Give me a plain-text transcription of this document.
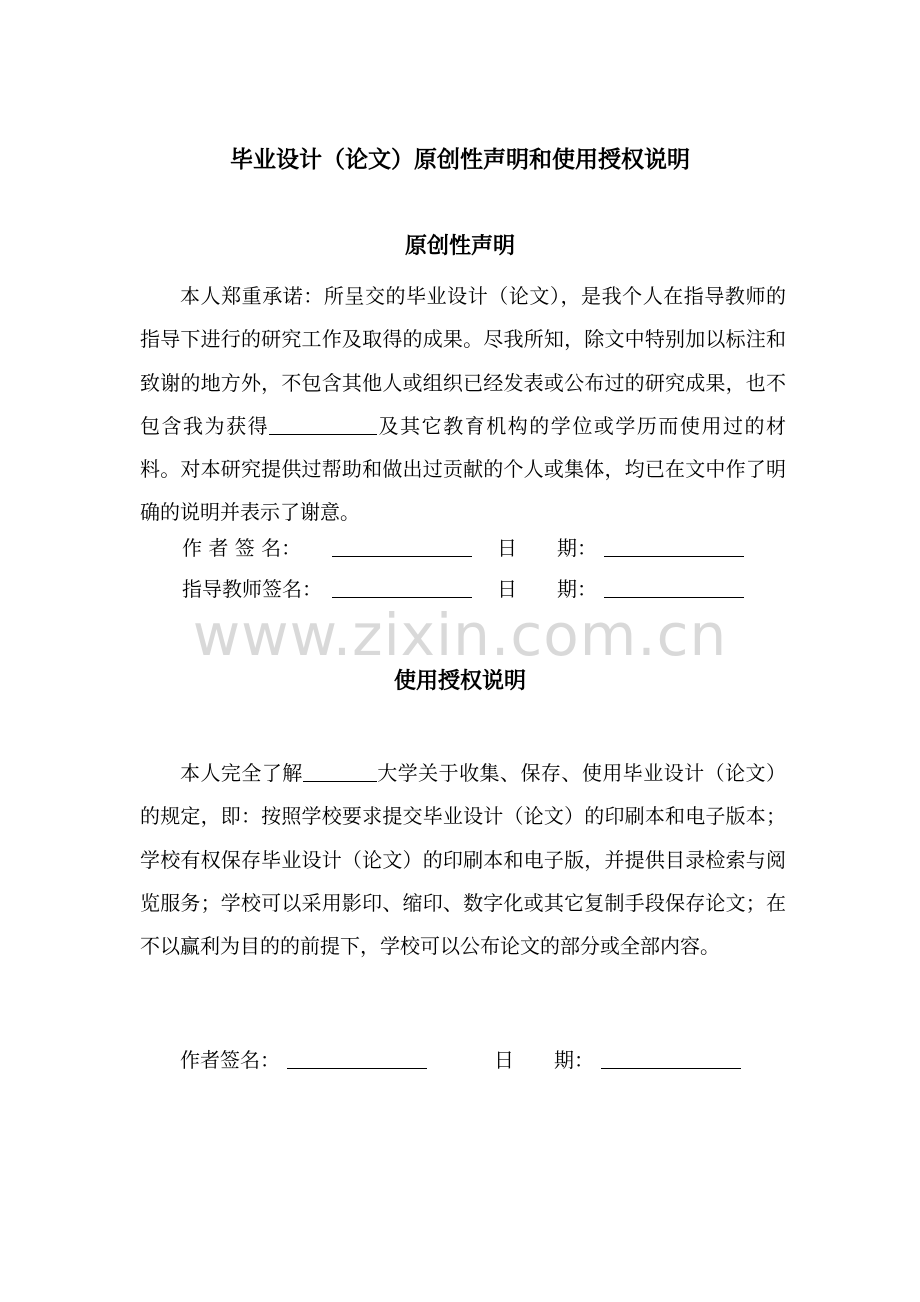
毕业设计（论文）原创性声明和使用授权说明
原创性声明

本人郑重承诺：所呈交的毕业设计（论文），是我个人在指导教师的指导下进行的研究工作及取得的成果。尽我所知，除文中特别加以标注和致谢的地方外，不包含其他人或组织已经发表或公布过的研究成果，也不包含我为获得	及其它教育机构的学位或学历而使用过的材料。对本研究提供过帮助和做出过贡献的个人或集体，均已在文中作了明确的说明并表示了谢意。

作 者 签 名：	日　　期：
指导教师签名：	日　　期：
www.zixin.com.cn
使用授权说明

本人完全了解	大学关于收集、保存、使用毕业设计（论文）的规定，即：按照学校要求提交毕业设计（论文）的印刷本和电子版本；学校有权保存毕业设计（论文）的印刷本和电子版，并提供目录检索与阅览服务；学校可以采用影印、缩印、数字化或其它复制手段保存论文；在不以赢利为目的的前提下，学校可以公布论文的部分或全部内容。

作者签名：	日　　期：
